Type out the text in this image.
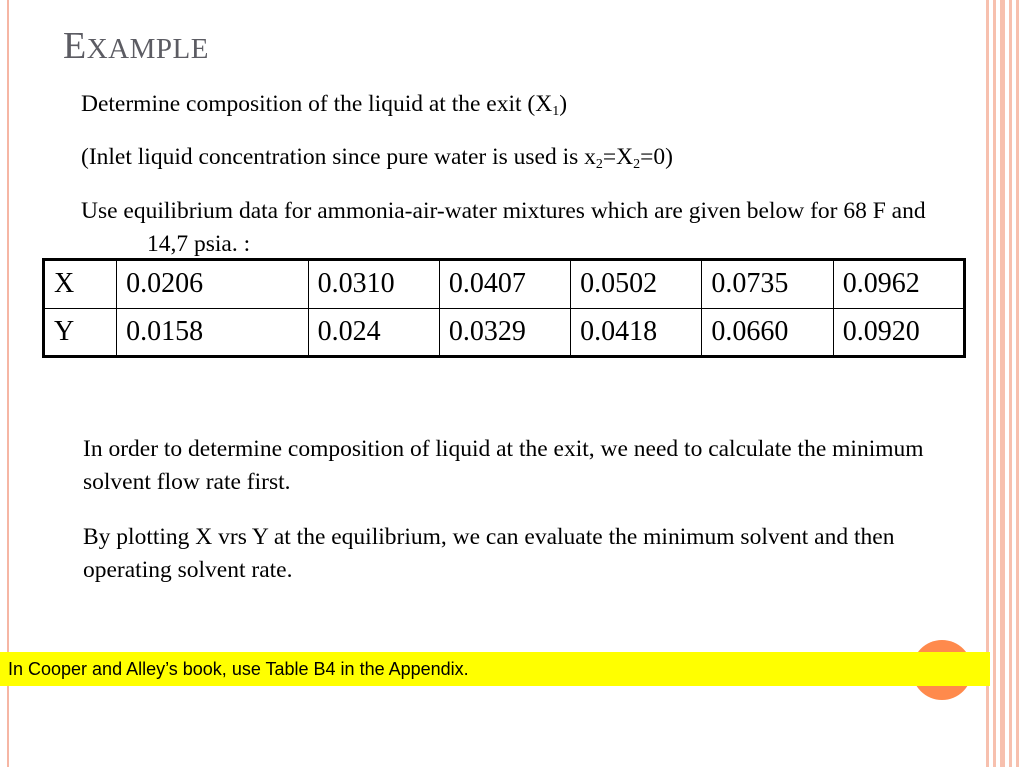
EXAMPLE
Determine composition of the liquid at the exit $(X_1)$
(Inlet liquid concentration since pure water is used is $x_2=X_2=0$)
Use equilibrium data for ammonia-air-water mixtures which are given below for 68 F and 14,7 psia. :
X	0.0206	0.0310	0.0407	0.0502	0.0735	0.0962
Y	0.0158	0.024	0.0329	0.0418	0.0660	0.0920
In order to determine composition of liquid at the exit, we need to calculate the minimum solvent flow rate first.
By plotting X vrs Y at the equilibrium, we can evaluate the minimum solvent and then operating solvent rate.
In Cooper and Alley’s book, use Table B4 in the Appendix.
